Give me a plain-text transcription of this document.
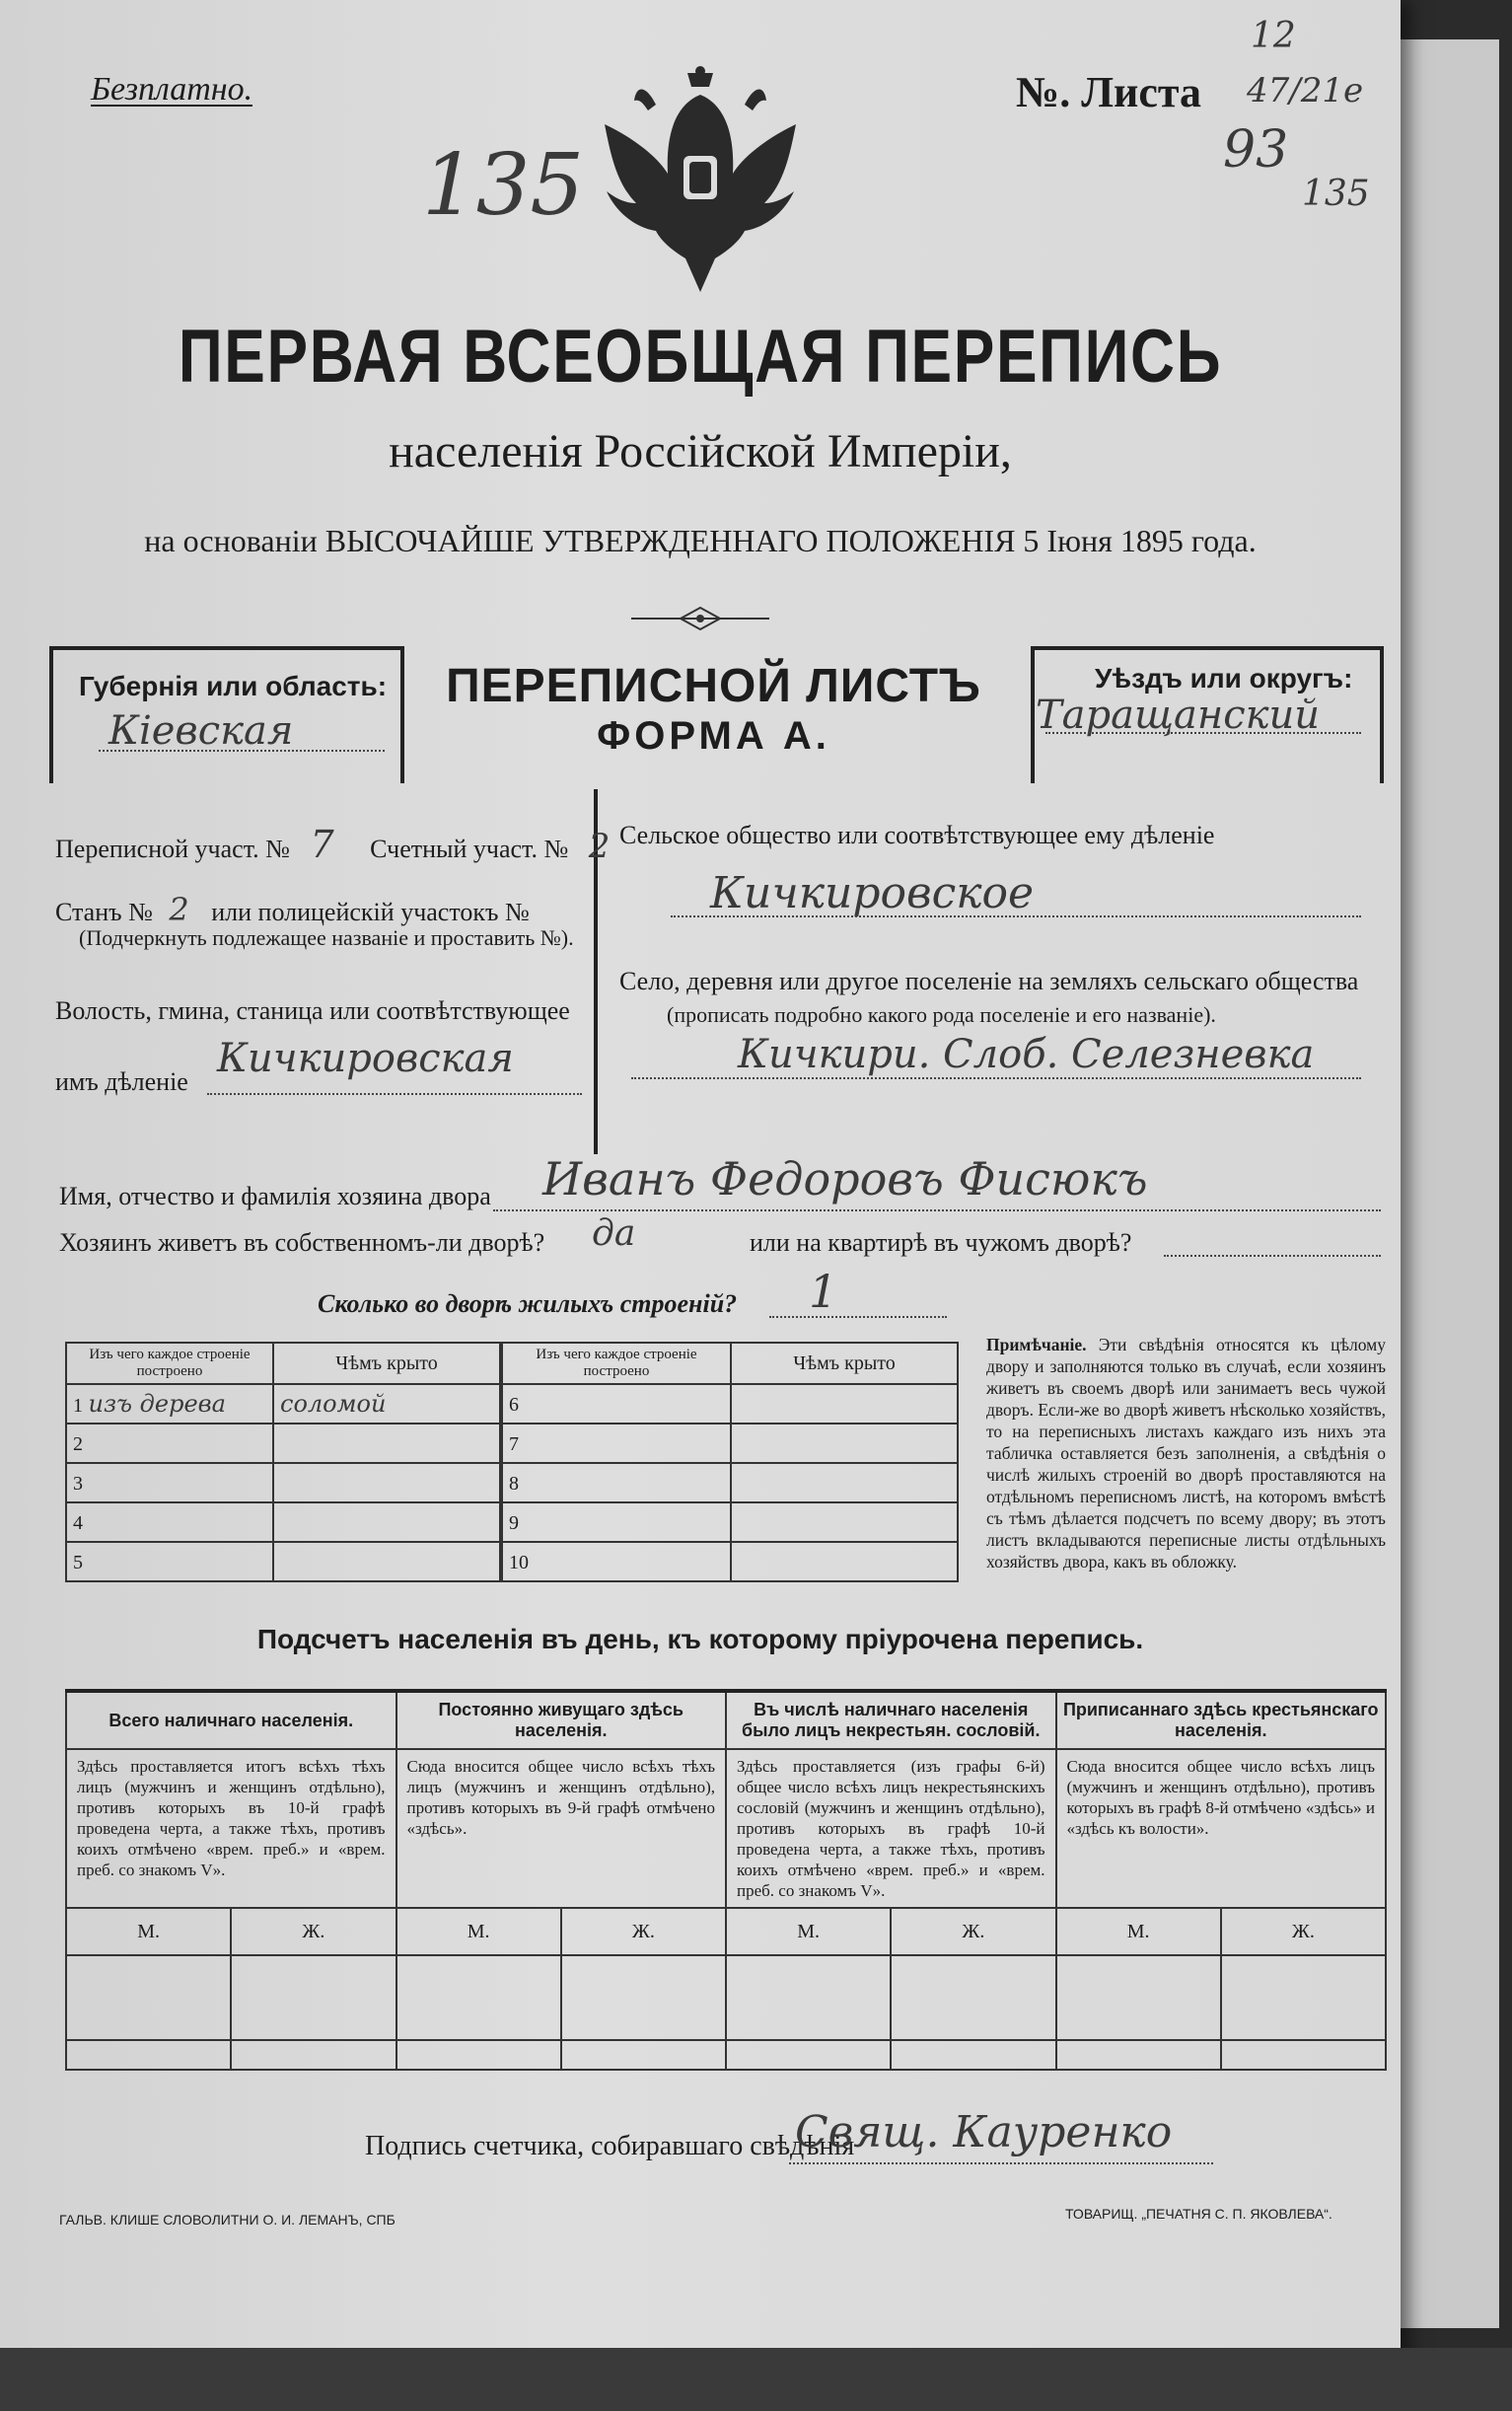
Безплатно.	№. Листа 47/21е
12
93
135
135
ПЕРВАЯ ВСЕОБЩАЯ ПЕРЕПИСЬ
населенія Россійской Имперіи,
на основаніи ВЫСОЧАЙШЕ УТВЕРЖДЕННАГО ПОЛОЖЕНІЯ 5 Іюня 1895 года.
Губернія или область:
Кiевская
ПЕРЕПИСНОЙ ЛИСТЪ
ФОРМА А.
Уѣздъ или округъ:
Таращанский
Переписной участ. № 7 Счетный участ. № 2
Станъ № 2 или полицейскій участокъ №
(Подчеркнуть подлежащее названіе и проставить №).
Волость, гмина, станица или соотвѣтствующее
имъ дѣленіе
Кичкировская
Сельское общество или соотвѣтствующее ему дѣленіе
Кичкировское
Село, деревня или другое поселеніе на земляхъ сельскаго общества
(прописать подробно какого рода поселеніе и его названіе).
Кичкири. Слоб. Селезневка
Имя, отчество и фамилія хозяина двора Иванъ Федоровъ Фисюкъ
Хозяинъ живетъ въ собственномъ-ли дворѣ? да	или на квартирѣ въ чужомъ дворѣ?
Сколько во дворѣ жилыхъ строеній? 1
Изъ чего каждое строеніе построено	Чѣмъ крыто
1 изъ дерева	соломой
2	
3	
4	
5	
Изъ чего каждое строеніе построено	Чѣмъ крыто
6	
7	
8	
9	
10	
Примѣчаніе. Эти свѣдѣнія относятся къ цѣлому двору и заполняются только въ случаѣ, если хозяинъ живетъ въ своемъ дворѣ или занимаетъ весь чужой дворъ. Если-же во дворѣ живетъ нѣсколько хозяйствъ, то на переписныхъ листахъ каждаго изъ нихъ эта табличка оставляется безъ заполненія, а свѣдѣнія о числѣ жилыхъ строеній во дворѣ проставляются на отдѣльномъ переписномъ листѣ, на которомъ вмѣстѣ съ тѣмъ дѣлается подсчетъ по всему двору; въ этотъ листъ вкладываются переписные листы отдѣльныхъ хозяйствъ двора, какъ въ обложку.
Подсчетъ населенія въ день, къ которому пріурочена перепись.
Всего наличнаго населенія.		Постоянно живущаго здѣсь населенія.		Въ числѣ наличнаго населенія было лицъ некрестьян. сословій.		Приписаннаго здѣсь крестьянскаго населенія.	
Здѣсь проставляется итогъ всѣхъ тѣхъ лицъ (мужчинъ и женщинъ отдѣльно), противъ которыхъ въ 10-й графѣ проведена черта, а также тѣхъ, противъ коихъ отмѣчено «врем. преб.» и «врем. преб. со знакомъ V».		Сюда вносится общее число всѣхъ тѣхъ лицъ (мужчинъ и женщинъ отдѣльно), противъ которыхъ въ 9-й графѣ отмѣчено «здѣсь».		Здѣсь проставляется (изъ графы 6-й) общее число всѣхъ лицъ некрестьянскихъ сословій (мужчинъ и женщинъ отдѣльно), противъ которыхъ въ графѣ 10-й проведена черта, а также тѣхъ, противъ коихъ отмѣчено «врем. преб.» и «врем. преб. со знакомъ V».		Сюда вносится общее число всѣхъ лицъ (мужчинъ и женщинъ отдѣльно), противъ которыхъ въ графѣ 8-й отмѣчено «здѣсь» и «здѣсь къ волости».	
М.	Ж.	М.	Ж.	М.	Ж.	М.	Ж.

Подпись счетчика, собиравшаго свѣдѣнія
Свящ. Кауренко
ГАЛЬВ. КЛИШЕ СЛОВОЛИТНИ О. И. ЛЕМАНЪ, СПБ	ТОВАРИЩ. „ПЕЧАТНЯ С. П. ЯКОВЛЕВА“.
